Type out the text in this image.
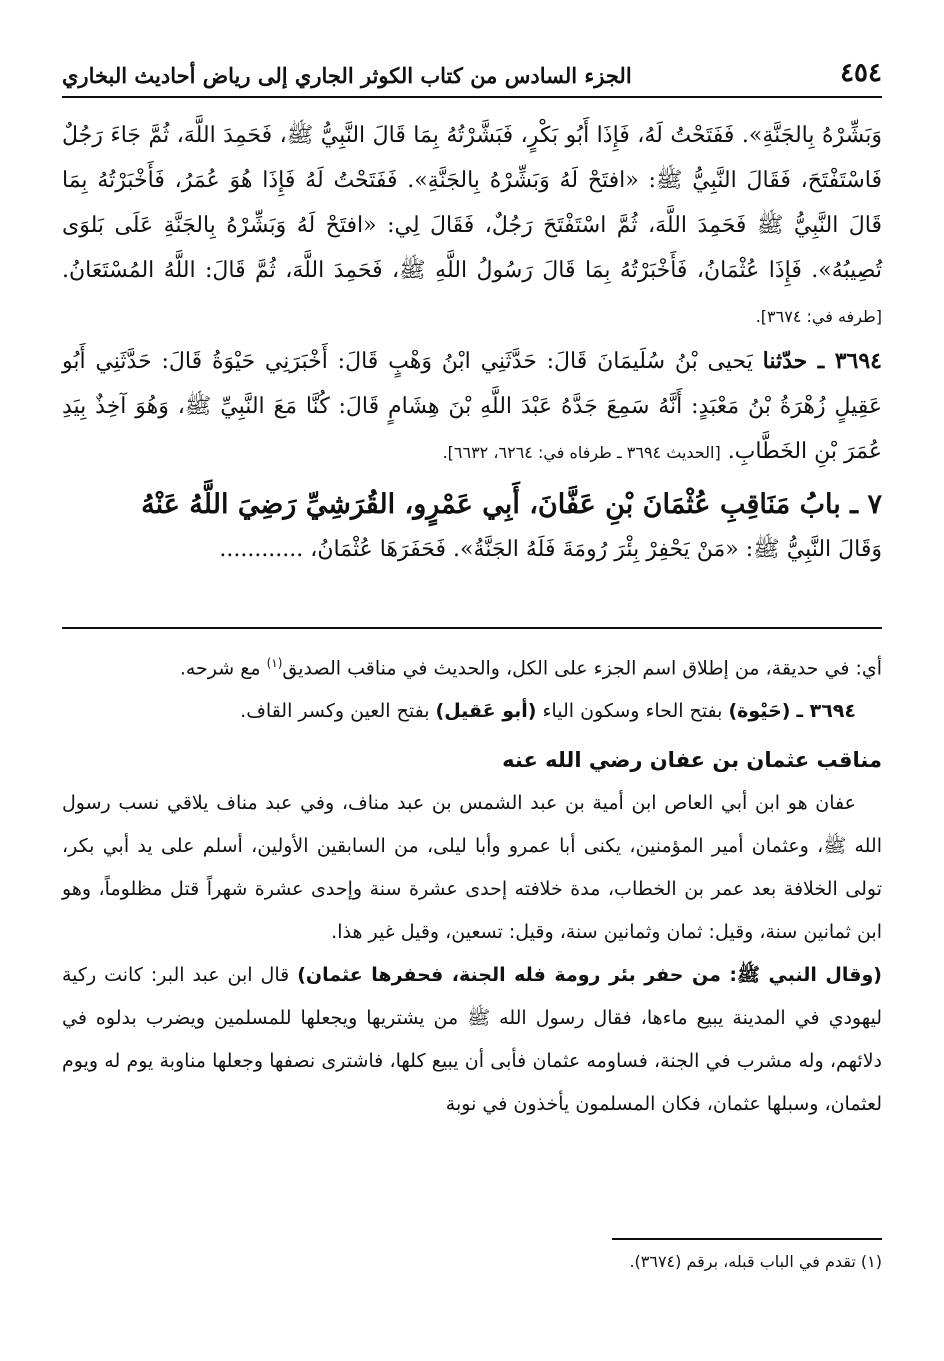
٤٥٤
الجزء السادس من كتاب الكوثر الجاري إلى رياض أحاديث البخاري

وَبَشِّرْهُ بِالجَنَّةِ». فَفَتَحْتُ لَهُ، فَإِذَا أَبُو بَكْرٍ، فَبَشَّرْتُهُ بِمَا قَالَ النَّبِيُّ ﷺ، فَحَمِدَ اللَّهَ، ثُمَّ جَاءَ رَجُلٌ فَاسْتَفْتَحَ، فَقَالَ النَّبِيُّ ﷺ: «افتَحْ لَهُ وَبَشِّرْهُ بِالجَنَّةِ». فَفَتَحْتُ لَهُ فَإِذَا هُوَ عُمَرُ، فَأَخْبَرْتُهُ بِمَا قَالَ النَّبِيُّ ﷺ فَحَمِدَ اللَّهَ، ثُمَّ اسْتَفْتَحَ رَجُلٌ، فَقَالَ لِي: «افتَحْ لَهُ وَبَشِّرْهُ بِالجَنَّةِ عَلَى بَلوَى تُصِيبُهُ». فَإِذَا عُثْمَانُ، فَأَخْبَرْتُهُ بِمَا قَالَ رَسُولُ اللَّهِ ﷺ، فَحَمِدَ اللَّهَ، ثُمَّ قَالَ: اللَّهُ المُسْتَعَانُ. [طرفه في: ٣٦٧٤].

٣٦٩٤ ـ حدّثنا يَحيى بْنُ سُلَيمَانَ قَالَ: حَدَّثَنِي ابْنُ وَهْبٍ قَالَ: أَخْبَرَنِي حَيْوَةُ قَالَ: حَدَّثَنِي أَبُو عَقِيلٍ زُهْرَةُ بْنُ مَعْبَدٍ: أَنَّهُ سَمِعَ جَدَّهُ عَبْدَ اللَّهِ بْنَ هِشَامٍ قَالَ: كُنَّا مَعَ النَّبِيِّ ﷺ، وَهُوَ آخِذٌ بِيَدِ عُمَرَ بْنِ الخَطَّابِ. [الحديث ٣٦٩٤ ـ طرفاه في: ٦٢٦٤، ٦٦٣٢].

٧ ـ بابُ مَنَاقِبِ عُثْمَانَ بْنِ عَفَّانَ، أَبِي عَمْرٍو، القُرَشِيِّ رَضِيَ اللَّهُ عَنْهُ

وَقَالَ النَّبِيُّ ﷺ: «مَنْ يَحْفِرْ بِئْرَ رُومَةَ فَلَهُ الجَنَّةُ». فَحَفَرَهَا عُثْمَانُ، ............

أي: في حديقة، من إطلاق اسم الجزء على الكل، والحديث في مناقب الصديق$^{(١)}$ مع شرحه.

٣٦٩٤ ـ (حَيْوة) بفتح الحاء وسكون الياء (أبو عَقيل) بفتح العين وكسر القاف.

مناقب عثمان بن عفان رضي الله عنه

عفان هو ابن أبي العاص ابن أمية بن عبد الشمس بن عبد مناف، وفي عبد مناف يلاقي نسب رسول الله ﷺ، وعثمان أمير المؤمنين، يكنى أبا عمرو وأبا ليلى، من السابقين الأولين، أسلم على يد أبي بكر، تولى الخلافة بعد عمر بن الخطاب، مدة خلافته إحدى عشرة سنة وإحدى عشرة شهراً قتل مظلوماً، وهو ابن ثمانين سنة، وقيل: ثمان وثمانين سنة، وقيل: تسعين، وقيل غير هذا.

(وقال النبي ﷺ: من حفر بئر رومة فله الجنة، فحفرها عثمان) قال ابن عبد البر: كانت ركية ليهودي في المدينة يبيع ماءها، فقال رسول الله ﷺ من يشتريها ويجعلها للمسلمين ويضرب بدلوه في دلائهم، وله مشرب في الجنة، فساومه عثمان فأبى أن يبيع كلها، فاشترى نصفها وجعلها مناوبة يوم له ويوم لعثمان، وسبلها عثمان، فكان المسلمون يأخذون في نوبة

(١) تقدم في الباب قبله، برقم (٣٦٧٤).
